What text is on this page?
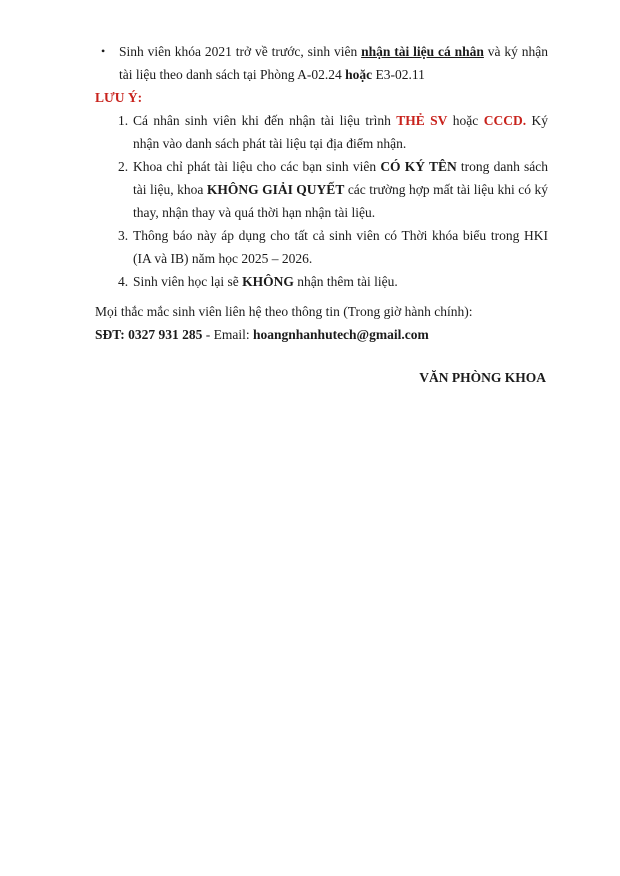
• Sinh viên khóa 2021 trở về trước, sinh viên nhận tài liệu cá nhân và ký nhận tài liệu theo danh sách tại Phòng A-02.24 hoặc E3-02.11
LƯU Ý:
1. Cá nhân sinh viên khi đến nhận tài liệu trình THẺ SV hoặc CCCD. Ký nhận vào danh sách phát tài liệu tại địa điểm nhận.
2. Khoa chỉ phát tài liệu cho các bạn sinh viên CÓ KÝ TÊN trong danh sách tài liệu, khoa KHÔNG GIẢI QUYẾT các trường hợp mất tài liệu khi có ký thay, nhận thay và quá thời hạn nhận tài liệu.
3. Thông báo này áp dụng cho tất cả sinh viên có Thời khóa biểu trong HKI (IA và IB) năm học 2025 – 2026.
4. Sinh viên học lại sẽ KHÔNG nhận thêm tài liệu.
Mọi thắc mắc sinh viên liên hệ theo thông tin (Trong giờ hành chính):
SĐT: 0327 931 285 - Email: hoangnhanhutech@gmail.com
VĂN PHÒNG KHOA
